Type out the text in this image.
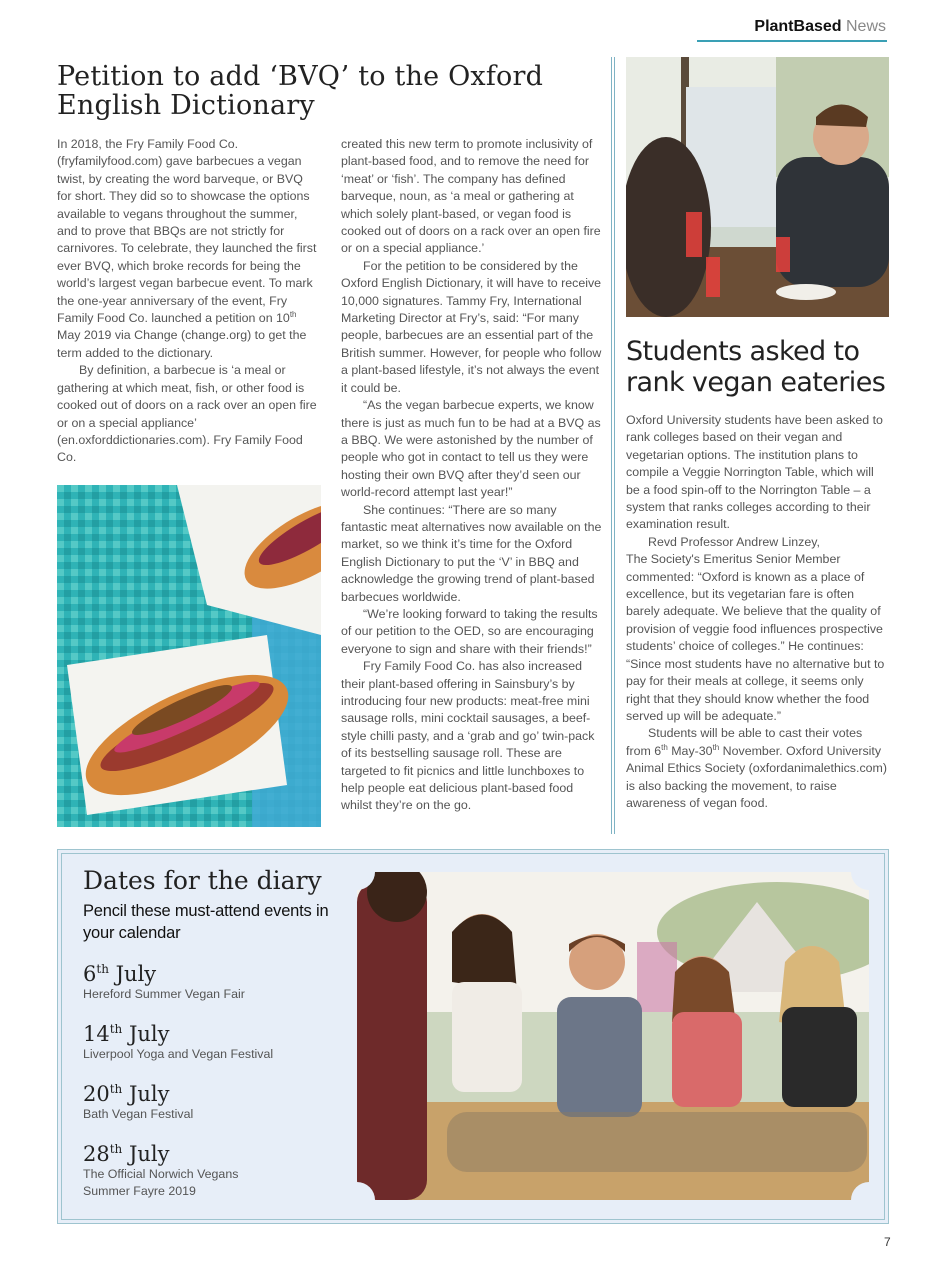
PlantBased News
Petition to add ‘BVQ’ to the Oxford English Dictionary

In 2018, the Fry Family Food Co. (fryfamilyfood.com) gave barbecues a vegan twist, by creating the word barveque, or BVQ for short. They did so to showcase the options available to vegans throughout the summer, and to prove that BBQs are not strictly for carnivores. To celebrate, they launched the first ever BVQ, which broke records for being the world’s largest vegan barbecue event. To mark the one-year anniversary of the event, Fry Family Food Co. launched a petition on 10th May 2019 via Change (change.org) to get the term added to the dictionary.

By definition, a barbecue is ‘a meal or gathering at which meat, fish, or other food is cooked out of doors on a rack over an open fire or on a special appliance’ (en.oxforddictionaries.com). Fry Family Food Co.

created this new term to promote inclusivity of plant-based food, and to remove the need for ‘meat’ or ‘fish’. The company has defined barveque, noun, as ‘a meal or gathering at which solely plant-based, or vegan food is cooked out of doors on a rack over an open fire or on a special appliance.’

For the petition to be considered by the Oxford English Dictionary, it will have to receive 10,000 signatures. Tammy Fry, International Marketing Director at Fry’s, said: “For many people, barbecues are an essential part of the British summer. However, for people who follow a plant-based lifestyle, it’s not always the event it could be.

“As the vegan barbecue experts, we know there is just as much fun to be had at a BVQ as a BBQ. We were astonished by the number of people who got in contact to tell us they were hosting their own BVQ after they’d seen our world-record attempt last year!”

She continues: “There are so many fantastic meat alternatives now available on the market, so we think it’s time for the Oxford English Dictionary to put the ‘V’ in BBQ and acknowledge the growing trend of plant-based barbecues worldwide.

“We’re looking forward to taking the results of our petition to the OED, so are encouraging everyone to sign and share with their friends!”

Fry Family Food Co. has also increased their plant-based offering in Sainsbury’s by introducing four new products: meat-free mini sausage rolls, mini cocktail sausages, a beef-style chilli pasty, and a ‘grab and go’ twin-pack of its bestselling sausage roll. These are targeted to fit picnics and little lunchboxes to help people eat delicious plant-based food whilst they’re on the go.

Students asked to rank vegan eateries

Oxford University students have been asked to rank colleges based on their vegan and vegetarian options. The institution plans to compile a Veggie Norrington Table, which will be a food spin-off to the Norrington Table – a system that ranks colleges according to their examination result.

Revd Professor Andrew Linzey,

The Society's Emeritus Senior Member commented: “Oxford is known as a place of excellence, but its vegetarian fare is often barely adequate. We believe that the quality of provision of veggie food influences prospective students’ choice of colleges.” He continues: “Since most students have no alternative but to pay for their meals at college, it seems only right that they should know whether the food served up will be adequate.”

Students will be able to cast their votes from 6th May-30th November. Oxford University Animal Ethics Society (oxfordanimalethics.com) is also backing the movement, to raise awareness of vegan food.

Dates for the diary
Pencil these must-attend events in your calendar
6th July
Hereford Summer Vegan Fair
14th July
Liverpool Yoga and Vegan Festival
20th July
Bath Vegan Festival
28th July
The Official Norwich Vegans Summer Fayre 2019
7
